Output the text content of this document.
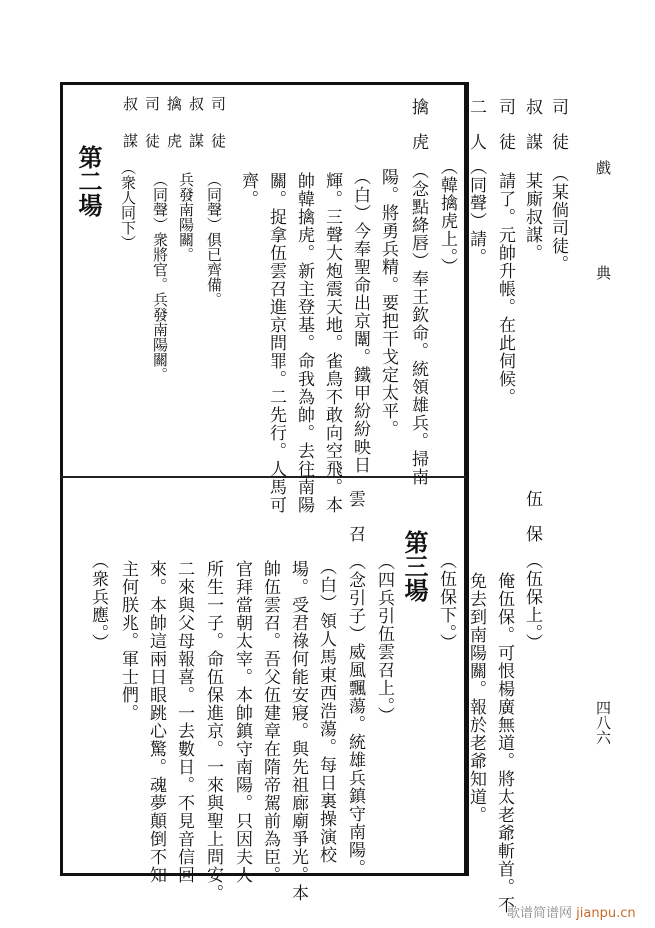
戲
典
四八六
司徒
（某倘司徒。
叔謀
某廝叔謀。
司徒
請了。元帥升帳。在此伺候。
二人
（同聲）請。
（韓擒虎上。）
擒虎
（念點絳唇）奉王欽命。統領雄兵。掃南
陽。將勇兵精。要把干戈定太平。
（白）今奉聖命出京闈。鐵甲紛紛映日
輝。三聲大炮震天地。雀鳥不敢向空飛。本
帥韓擒虎。新主登基。命我為帥。去往南陽
關。捉拿伍雲召進京問罪。二先行。人馬可
齊。
司
徒
叔
謀
擒
虎
司
徒
叔
謀
（同聲）俱已齊備。
兵發南陽關。
（同聲）衆將官。兵發南陽關。
（衆人同下）
第二場
伍保
（伍保上。）
俺伍保。可恨楊廣無道。將太老爺斬首。不
免去到南陽關。報於老爺知道。
（伍保下。）
第三場
（四兵引伍雲召上。）
雲召
（念引子）威風飄蕩。統雄兵鎮守南陽。
（白）領人馬東西浩蕩。每日裏操演校
場。受君祿何能安寢。與先祖廊廟爭光。本
帥伍雲召。吾父伍建章在隋帝駕前為臣。
官拜當朝太宰。本帥鎮守南陽。只因夫人
所生一子。命伍保進京。一來與聖上問安。
二來與父母報喜。一去數日。不見音信回
來。本帥這兩日眼跳心驚。魂夢顛倒不知
主何朕兆。軍士們。
（衆兵應。）
歌谱简谱网 jianpu.cn
